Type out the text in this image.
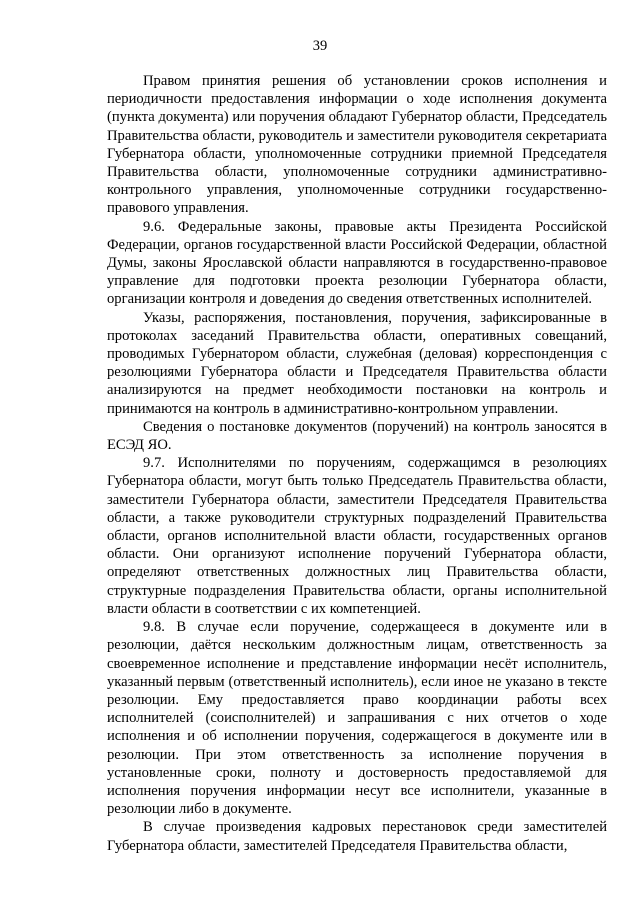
39

Правом принятия решения об установлении сроков исполнения и периодичности предоставления информации о ходе исполнения документа (пункта документа) или поручения обладают Губернатор области, Председатель Правительства области, руководитель и заместители руководителя секретариата Губернатора области, уполномоченные сотрудники приемной Председателя Правительства области, уполномоченные сотрудники административно-контрольного управления, уполномоченные сотрудники государственно-правового управления.

9.6. Федеральные законы, правовые акты Президента Российской Федерации, органов государственной власти Российской Федерации, областной Думы, законы Ярославской области направляются в государственно-правовое управление для подготовки проекта резолюции Губернатора области, организации контроля и доведения до сведения ответственных исполнителей.

Указы, распоряжения, постановления, поручения, зафиксированные в протоколах заседаний Правительства области, оперативных совещаний, проводимых Губернатором области, служебная (деловая) корреспонденция с резолюциями Губернатора области и Председателя Правительства области анализируются на предмет необходимости постановки на контроль и принимаются на контроль в административно-контрольном управлении.

Сведения о постановке документов (поручений) на контроль заносятся в ЕСЭД ЯО.

9.7. Исполнителями по поручениям, содержащимся в резолюциях Губернатора области, могут быть только Председатель Правительства области, заместители Губернатора области, заместители Председателя Правительства области, а также руководители структурных подразделений Правительства области, органов исполнительной власти области, государственных органов области. Они организуют исполнение поручений Губернатора области, определяют ответственных должностных лиц Правительства области, структурные подразделения Правительства области, органы исполнительной власти области в соответствии с их компетенцией.

9.8. В случае если поручение, содержащееся в документе или в резолюции, даётся нескольким должностным лицам, ответственность за своевременное исполнение и представление информации несёт исполнитель, указанный первым (ответственный исполнитель), если иное не указано в тексте резолюции. Ему предоставляется право координации работы всех исполнителей (соисполнителей) и запрашивания с них отчетов о ходе исполнения и об исполнении поручения, содержащегося в документе или в резолюции. При этом ответственность за исполнение поручения в установленные сроки, полноту и достоверность предоставляемой для исполнения поручения информации несут все исполнители, указанные в резолюции либо в документе.

В случае произведения кадровых перестановок среди заместителей Губернатора области, заместителей Председателя Правительства области,
